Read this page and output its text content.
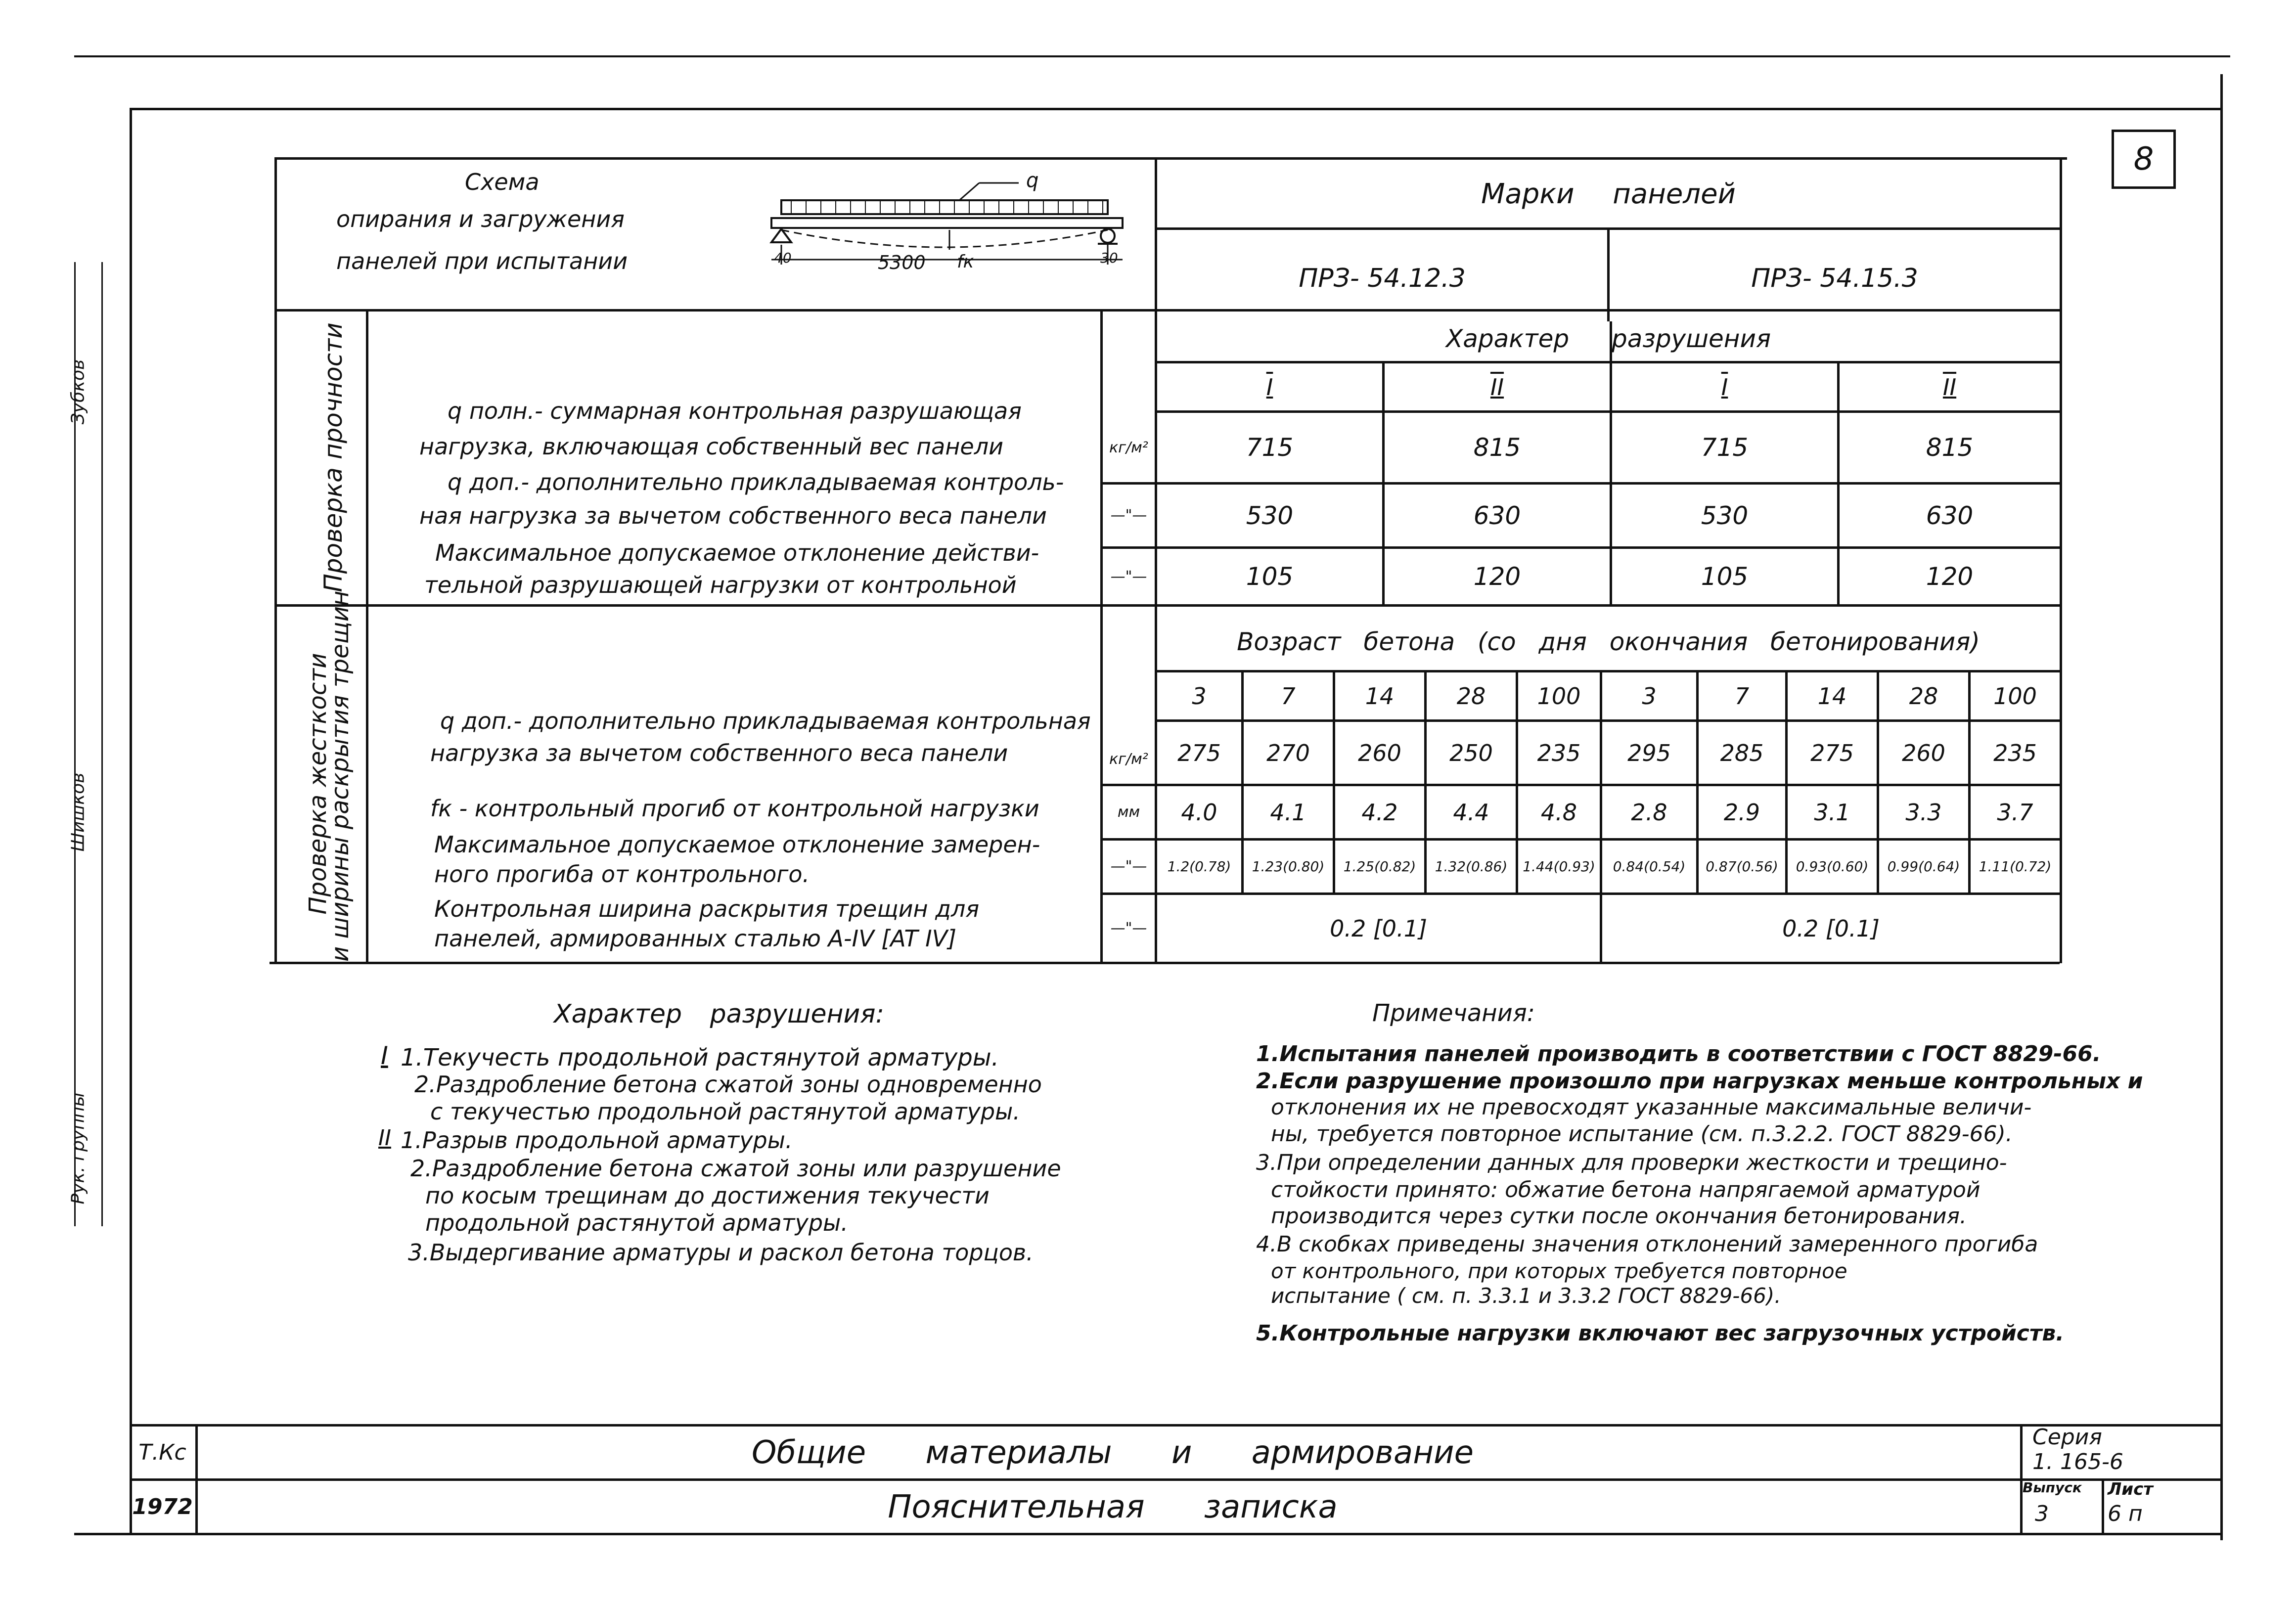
8
Рук. группы
Шишков
Зубков
Схема
опирания и загружения
панелей при испытании
q
40	5300 fк	30
Марки панелей
ПРЗ- 54.12.3	ПРЗ- 54.15.3
Проверка прочности	Характер разрушения
I	II	I	II
q полн.- суммарная контрольная разрушающая
нагрузка, включающая собственный вес панели	кг/м²	715	815	715	815
q доп.- дополнительно прикладываемая контроль-
ная нагрузка за вычетом собственного веса панели	—"—	530	630	530	630
Максимальное допускаемое отклонение действи-
тельной разрушающей нагрузки от контрольной	—"—	105	120	105	120
Проверка жесткости
и ширины раскрытия трещин	Возраст бетона (со дня окончания бетонирования)
3	7	14	28	100	3	7	14	28	100
q доп.- дополнительно прикладываемая контрольная
нагрузка за вычетом собственного веса панели	кг/м²	275	270	260	250	235	295	285	275	260	235
fк - контрольный прогиб от контрольной нагрузки	мм	4.0	4.1	4.2	4.4	4.8	2.8	2.9	3.1	3.3	3.7
Максимальное допускаемое отклонение замерен-
ного прогиба от контрольного.	—"—	1.2(0.78)	1.23(0.80)	1.25(0.82)	1.32(0.86)	1.44(0.93)	0.84(0.54)	0.87(0.56)	0.93(0.60)	0.99(0.64)	1.11(0.72)
Контрольная ширина раскрытия трещин для
панелей, армированных сталью А-IV [AT IV]	—"—	0.2 [0.1]	0.2 [0.1]
Характер разрушения:
I 1.Текучесть продольной растянутой арматуры.
2.Раздробление бетона сжатой зоны одновременно
с текучестью продольной растянутой арматуры.
II 1.Разрыв продольной арматуры.
2.Раздробление бетона сжатой зоны или разрушение
по косым трещинам до достижения текучести
продольной растянутой арматуры.
3.Выдергивание арматуры и раскол бетона торцов.
Примечания:
1.Испытания панелей производить в соответствии с ГОСТ 8829-66.
2.Если разрушение произошло при нагрузках меньше контрольных и
отклонения их не превосходят указанные максимальные величи-
ны, требуется повторное испытание (см. п.3.2.2. ГОСТ 8829-66).
3.При определении данных для проверки жесткости и трещино-
стойкости принято: обжатие бетона напрягаемой арматурой
производится через сутки после окончания бетонирования.
4.В скобках приведены значения отклонений замеренного прогиба
от контрольного, при которых требуется повторное
испытание ( см. п. 3.3.1 и 3.3.2 ГОСТ 8829-66).
5.Контрольные нагрузки включают вес загрузочных устройств.
Т.Кс
1972
Общие материалы и армирование
Пояснительная записка
Серия
1. 165-6
Выпуск
3
Лист
6 п
